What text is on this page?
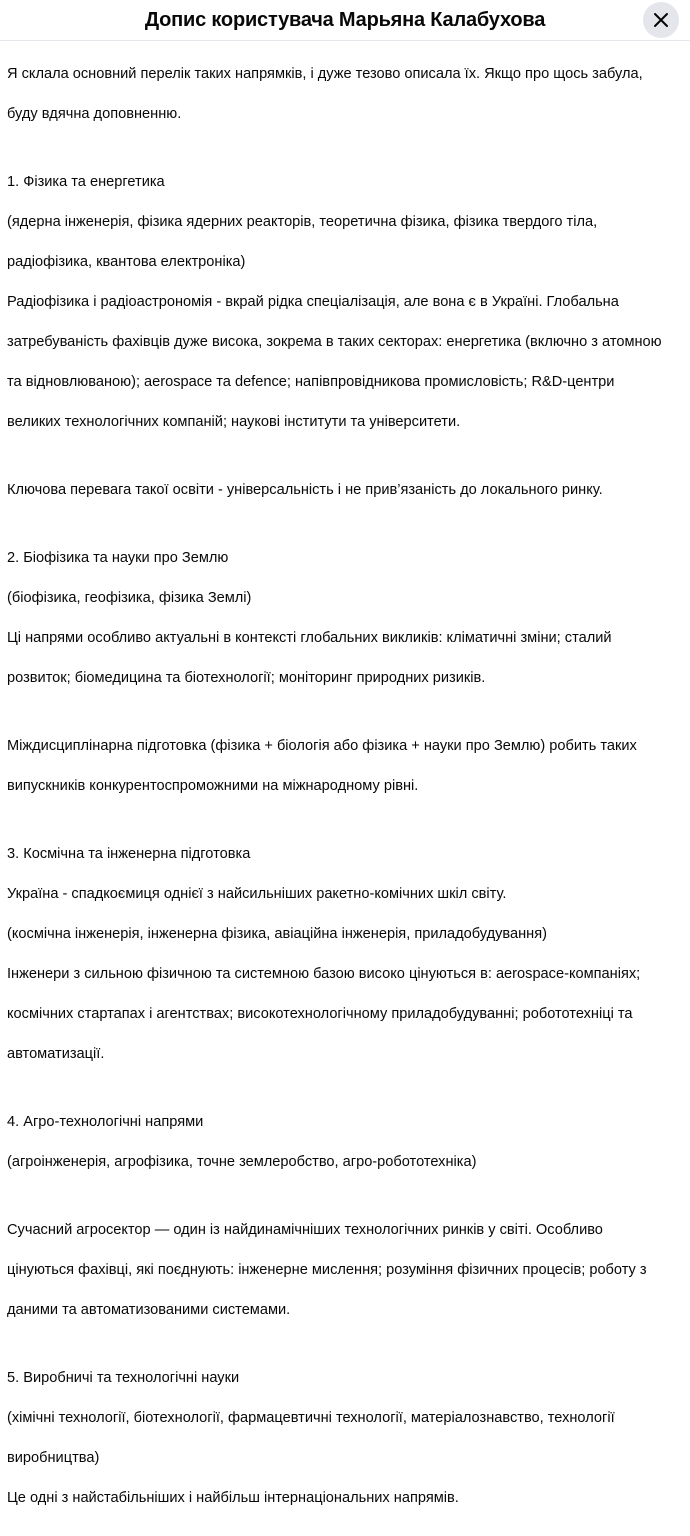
Допис користувача Марьяна Калабухова

Я склала основний перелік таких напрямків, і дуже тезово описала їх. Якщо про щось забула,

буду вдячна доповненню.

1. Фізика та енергетика

(ядерна інженерія, фізика ядерних реакторів, теоретична фізика, фізика твердого тіла,

радіофізика, квантова електроніка)

Радіофізика і радіоастрономія - вкрай рідка спеціалізація, але вона є в Україні. Глобальна

затребуваність фахівців дуже висока, зокрема в таких секторах: енергетика (включно з атомною

та відновлюваною); aerospace та defence; напівпровідникова промисловість; R&D-центри

великих технологічних компаній; наукові інститути та університети.

Ключова перевага такої освіти - універсальність і не прив’язаність до локального ринку.

2. Біофізика та науки про Землю

(біофізика, геофізика, фізика Землі)

Ці напрями особливо актуальні в контексті глобальних викликів: кліматичні зміни; сталий

розвиток; біомедицина та біотехнології; моніторинг природних ризиків.

Міждисциплінарна підготовка (фізика + біологія або фізика + науки про Землю) робить таких

випускників конкурентоспроможними на міжнародному рівні.

3. Космічна та інженерна підготовка

Україна - спадкоємиця однієї з найсильніших ракетно-комічних шкіл світу.

(космічна інженерія, інженерна фізика, авіаційна інженерія, приладобудування)

Інженери з сильною фізичною та системною базою високо цінуються в: aerospace-компаніях;

космічних стартапах і агентствах; високотехнологічному приладобудуванні; робототехніці та

автоматизації.

4. Агро-технологічні напрями

(агроінженерія, агрофізика, точне землеробство, агро-робототехніка)

Сучасний агросектор — один із найдинамічніших технологічних ринків у світі. Особливо

цінуються фахівці, які поєднують: інженерне мислення; розуміння фізичних процесів; роботу з

даними та автоматизованими системами.

5. Виробничі та технологічні науки

(хімічні технології, біотехнології, фармацевтичні технології, матеріалознавство, технології

виробництва)

Це одні з найстабільніших і найбільш інтернаціональних напрямів.
